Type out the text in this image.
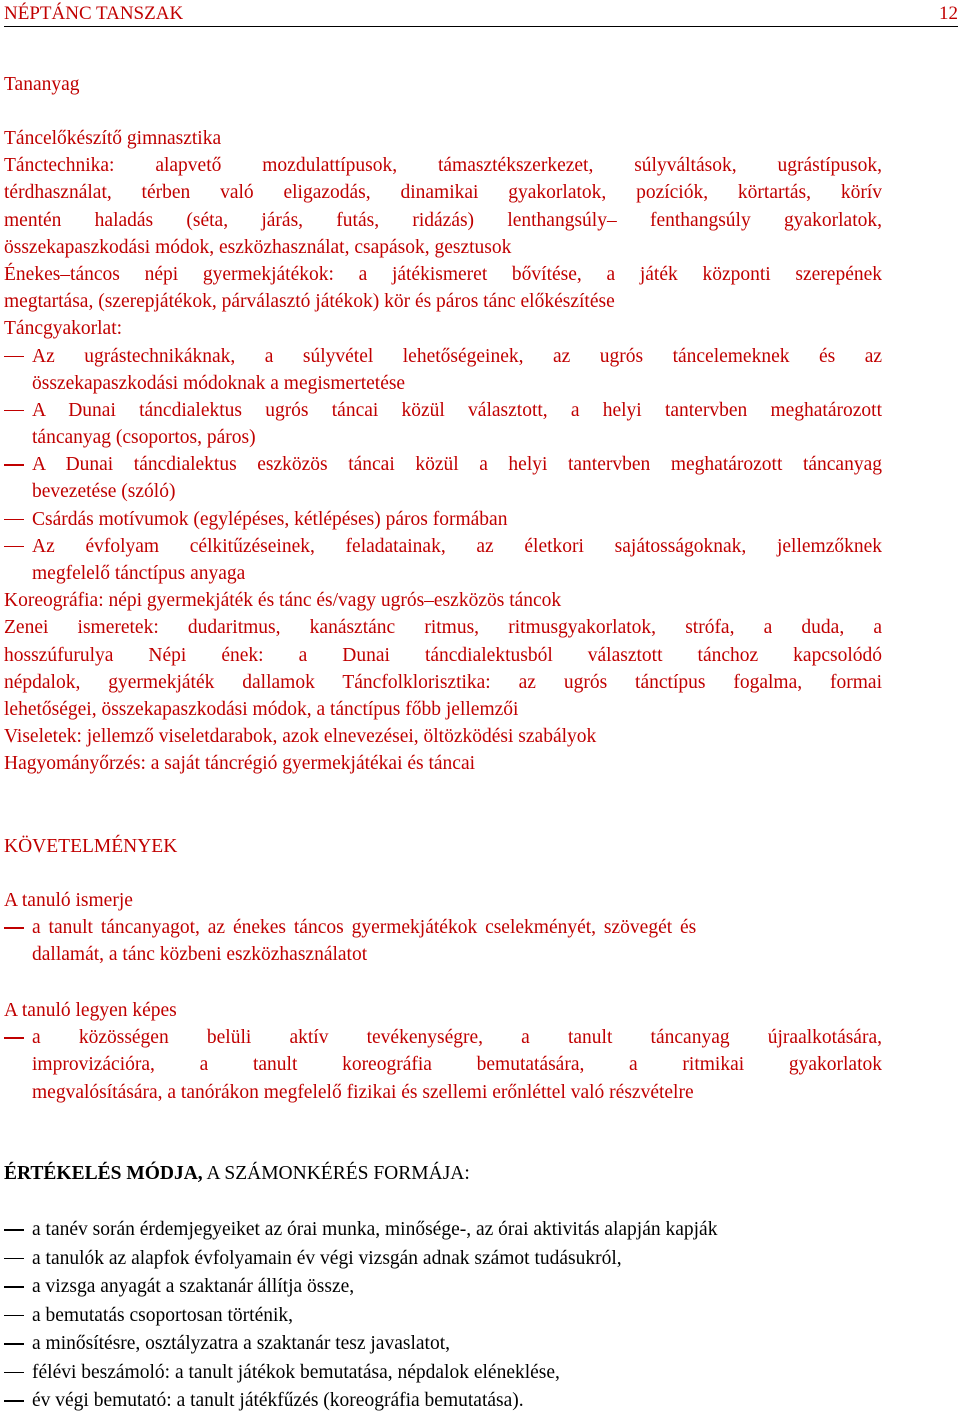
NÉPTÁNC TANSZAK	12
Tananyag
Táncelőkészítő gimnasztika
Tánctechnika: alapvető mozdulattípusok, támasztékszerkezet, súlyváltások, ugrástípusok,
térdhasználat, térben való eligazodás, dinamikai gyakorlatok, pozíciók, körtartás, körív
mentén haladás (séta, járás, futás, ridázás) lenthangsúly– fenthangsúly gyakorlatok,
összekapaszkodási módok, eszközhasználat, csapások, gesztusok
Énekes–táncos népi gyermekjátékok: a játékismeret bővítése, a játék központi szerepének
megtartása, (szerepjátékok, párválasztó játékok) kör és páros tánc előkészítése
Táncgyakorlat:
Az ugrástechnikáknak, a súlyvétel lehetőségeinek, az ugrós táncelemeknek és az
összekapaszkodási módoknak a megismertetése
A Dunai táncdialektus ugrós táncai közül választott, a helyi tantervben meghatározott
táncanyag (csoportos, páros)
A Dunai táncdialektus eszközös táncai közül a helyi tantervben meghatározott táncanyag
bevezetése (szóló)
Csárdás motívumok (egylépéses, kétlépéses) páros formában
Az évfolyam célkitűzéseinek, feladatainak, az életkori sajátosságoknak, jellemzőknek
megfelelő tánctípus anyaga
Koreográfia: népi gyermekjáték és tánc és/vagy ugrós–eszközös táncok
Zenei ismeretek: dudaritmus, kanásztánc ritmus, ritmusgyakorlatok, strófa, a duda, a
hosszúfurulya Népi ének: a Dunai táncdialektusból választott tánchoz kapcsolódó
népdalok, gyermekjáték dallamok Táncfolklorisztika: az ugrós tánctípus fogalma, formai
lehetőségei, összekapaszkodási módok, a tánctípus főbb jellemzői
Viseletek: jellemző viseletdarabok, azok elnevezései, öltözködési szabályok
Hagyományőrzés: a saját táncrégió gyermekjátékai és táncai
KÖVETELMÉNYEK
A tanuló ismerje
a tanult táncanyagot, az énekes táncos gyermekjátékok cselekményét, szövegét és
dallamát, a tánc közbeni eszközhasználatot
A tanuló legyen képes
a közösségen belüli aktív tevékenységre, a tanult táncanyag újraalkotására,
improvizációra, a tanult koreográfia bemutatására, a ritmikai gyakorlatok
megvalósítására, a tanórákon megfelelő fizikai és szellemi erőnléttel való részvételre
ÉRTÉKELÉS MÓDJA, A SZÁMONKÉRÉS FORMÁJA:
a tanév során érdemjegyeiket az órai munka, minősége-, az órai aktivitás alapján kapják
a tanulók az alapfok évfolyamain év végi vizsgán adnak számot tudásukról,
a vizsga anyagát a szaktanár állítja össze,
a bemutatás csoportosan történik,
a minősítésre, osztályzatra a szaktanár tesz javaslatot,
félévi beszámoló: a tanult játékok bemutatása, népdalok eléneklése,
év végi bemutató: a tanult játékfűzés (koreográfia bemutatása).
